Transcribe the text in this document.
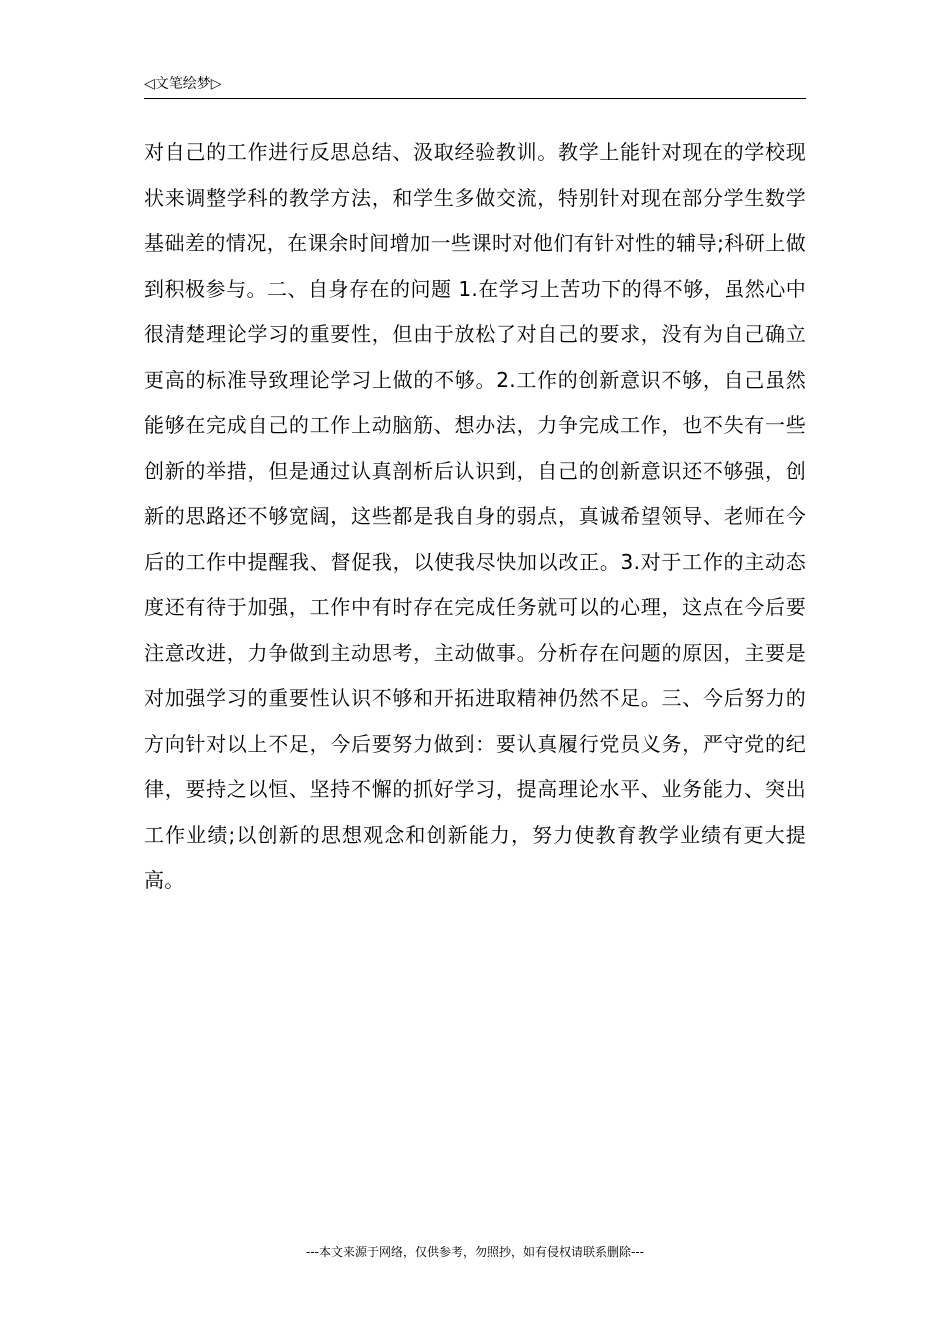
◁文笔绘梦▷

对自己的工作进行反思总结、汲取经验教训。教学上能针对现在的学校现状来调整学科的教学方法，和学生多做交流，特别针对现在部分学生数学基础差的情况，在课余时间增加一些课时对他们有针对性的辅导;科研上做到积极参与。二、自身存在的问题 1.在学习上苦功下的得不够，虽然心中很清楚理论学习的重要性，但由于放松了对自己的要求，没有为自己确立更高的标准导致理论学习上做的不够。2.工作的创新意识不够，自己虽然能够在完成自己的工作上动脑筋、想办法，力争完成工作，也不失有一些创新的举措，但是通过认真剖析后认识到，自己的创新意识还不够强，创新的思路还不够宽阔，这些都是我自身的弱点，真诚希望领导、老师在今后的工作中提醒我、督促我，以使我尽快加以改正。3.对于工作的主动态度还有待于加强，工作中有时存在完成任务就可以的心理，这点在今后要注意改进，力争做到主动思考，主动做事。分析存在问题的原因，主要是对加强学习的重要性认识不够和开拓进取精神仍然不足。三、今后努力的方向针对以上不足，今后要努力做到：要认真履行党员义务，严守党的纪律，要持之以恒、坚持不懈的抓好学习，提高理论水平、业务能力、突出工作业绩;以创新的思想观念和创新能力，努力使教育教学业绩有更大提高。

---本文来源于网络，仅供参考，勿照抄，如有侵权请联系删除---
